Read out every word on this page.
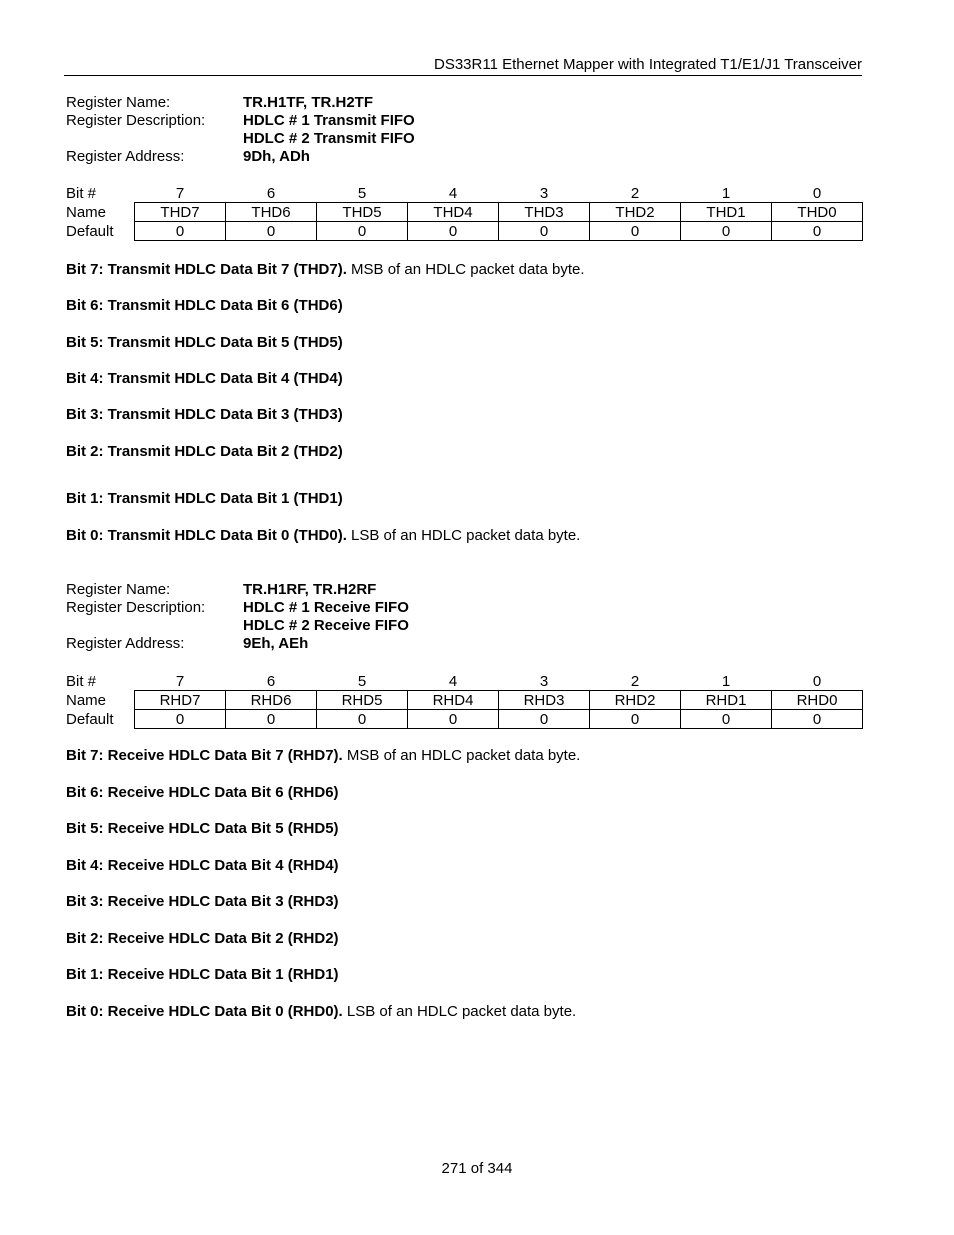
DS33R11 Ethernet Mapper with Integrated T1/E1/J1 Transceiver
Register Name:	TR.H1TF, TR.H2TF
Register Description:	HDLC # 1 Transmit FIFO
HDLC # 2 Transmit FIFO
Register Address:	9Dh, ADh
Bit #	7	6	5	4	3	2	1	0
Name	THD7	THD6	THD5	THD4	THD3	THD2	THD1	THD0
Default	0	0	0	0	0	0	0	0
Bit 7: Transmit HDLC Data Bit 7 (THD7). MSB of an HDLC packet data byte.
Bit 6: Transmit HDLC Data Bit 6 (THD6)
Bit 5: Transmit HDLC Data Bit 5 (THD5)
Bit 4: Transmit HDLC Data Bit 4 (THD4)
Bit 3: Transmit HDLC Data Bit 3 (THD3)
Bit 2: Transmit HDLC Data Bit 2 (THD2)
Bit 1: Transmit HDLC Data Bit 1 (THD1)
Bit 0: Transmit HDLC Data Bit 0 (THD0). LSB of an HDLC packet data byte.
Register Name:	TR.H1RF, TR.H2RF
Register Description:	HDLC # 1 Receive FIFO
HDLC # 2 Receive FIFO
Register Address:	9Eh, AEh
Bit #	7	6	5	4	3	2	1	0
Name	RHD7	RHD6	RHD5	RHD4	RHD3	RHD2	RHD1	RHD0
Default	0	0	0	0	0	0	0	0
Bit 7: Receive HDLC Data Bit 7 (RHD7). MSB of an HDLC packet data byte.
Bit 6: Receive HDLC Data Bit 6 (RHD6)
Bit 5: Receive HDLC Data Bit 5 (RHD5)
Bit 4: Receive HDLC Data Bit 4 (RHD4)
Bit 3: Receive HDLC Data Bit 3 (RHD3)
Bit 2: Receive HDLC Data Bit 2 (RHD2)
Bit 1: Receive HDLC Data Bit 1 (RHD1)
Bit 0: Receive HDLC Data Bit 0 (RHD0). LSB of an HDLC packet data byte.
271 of 344
